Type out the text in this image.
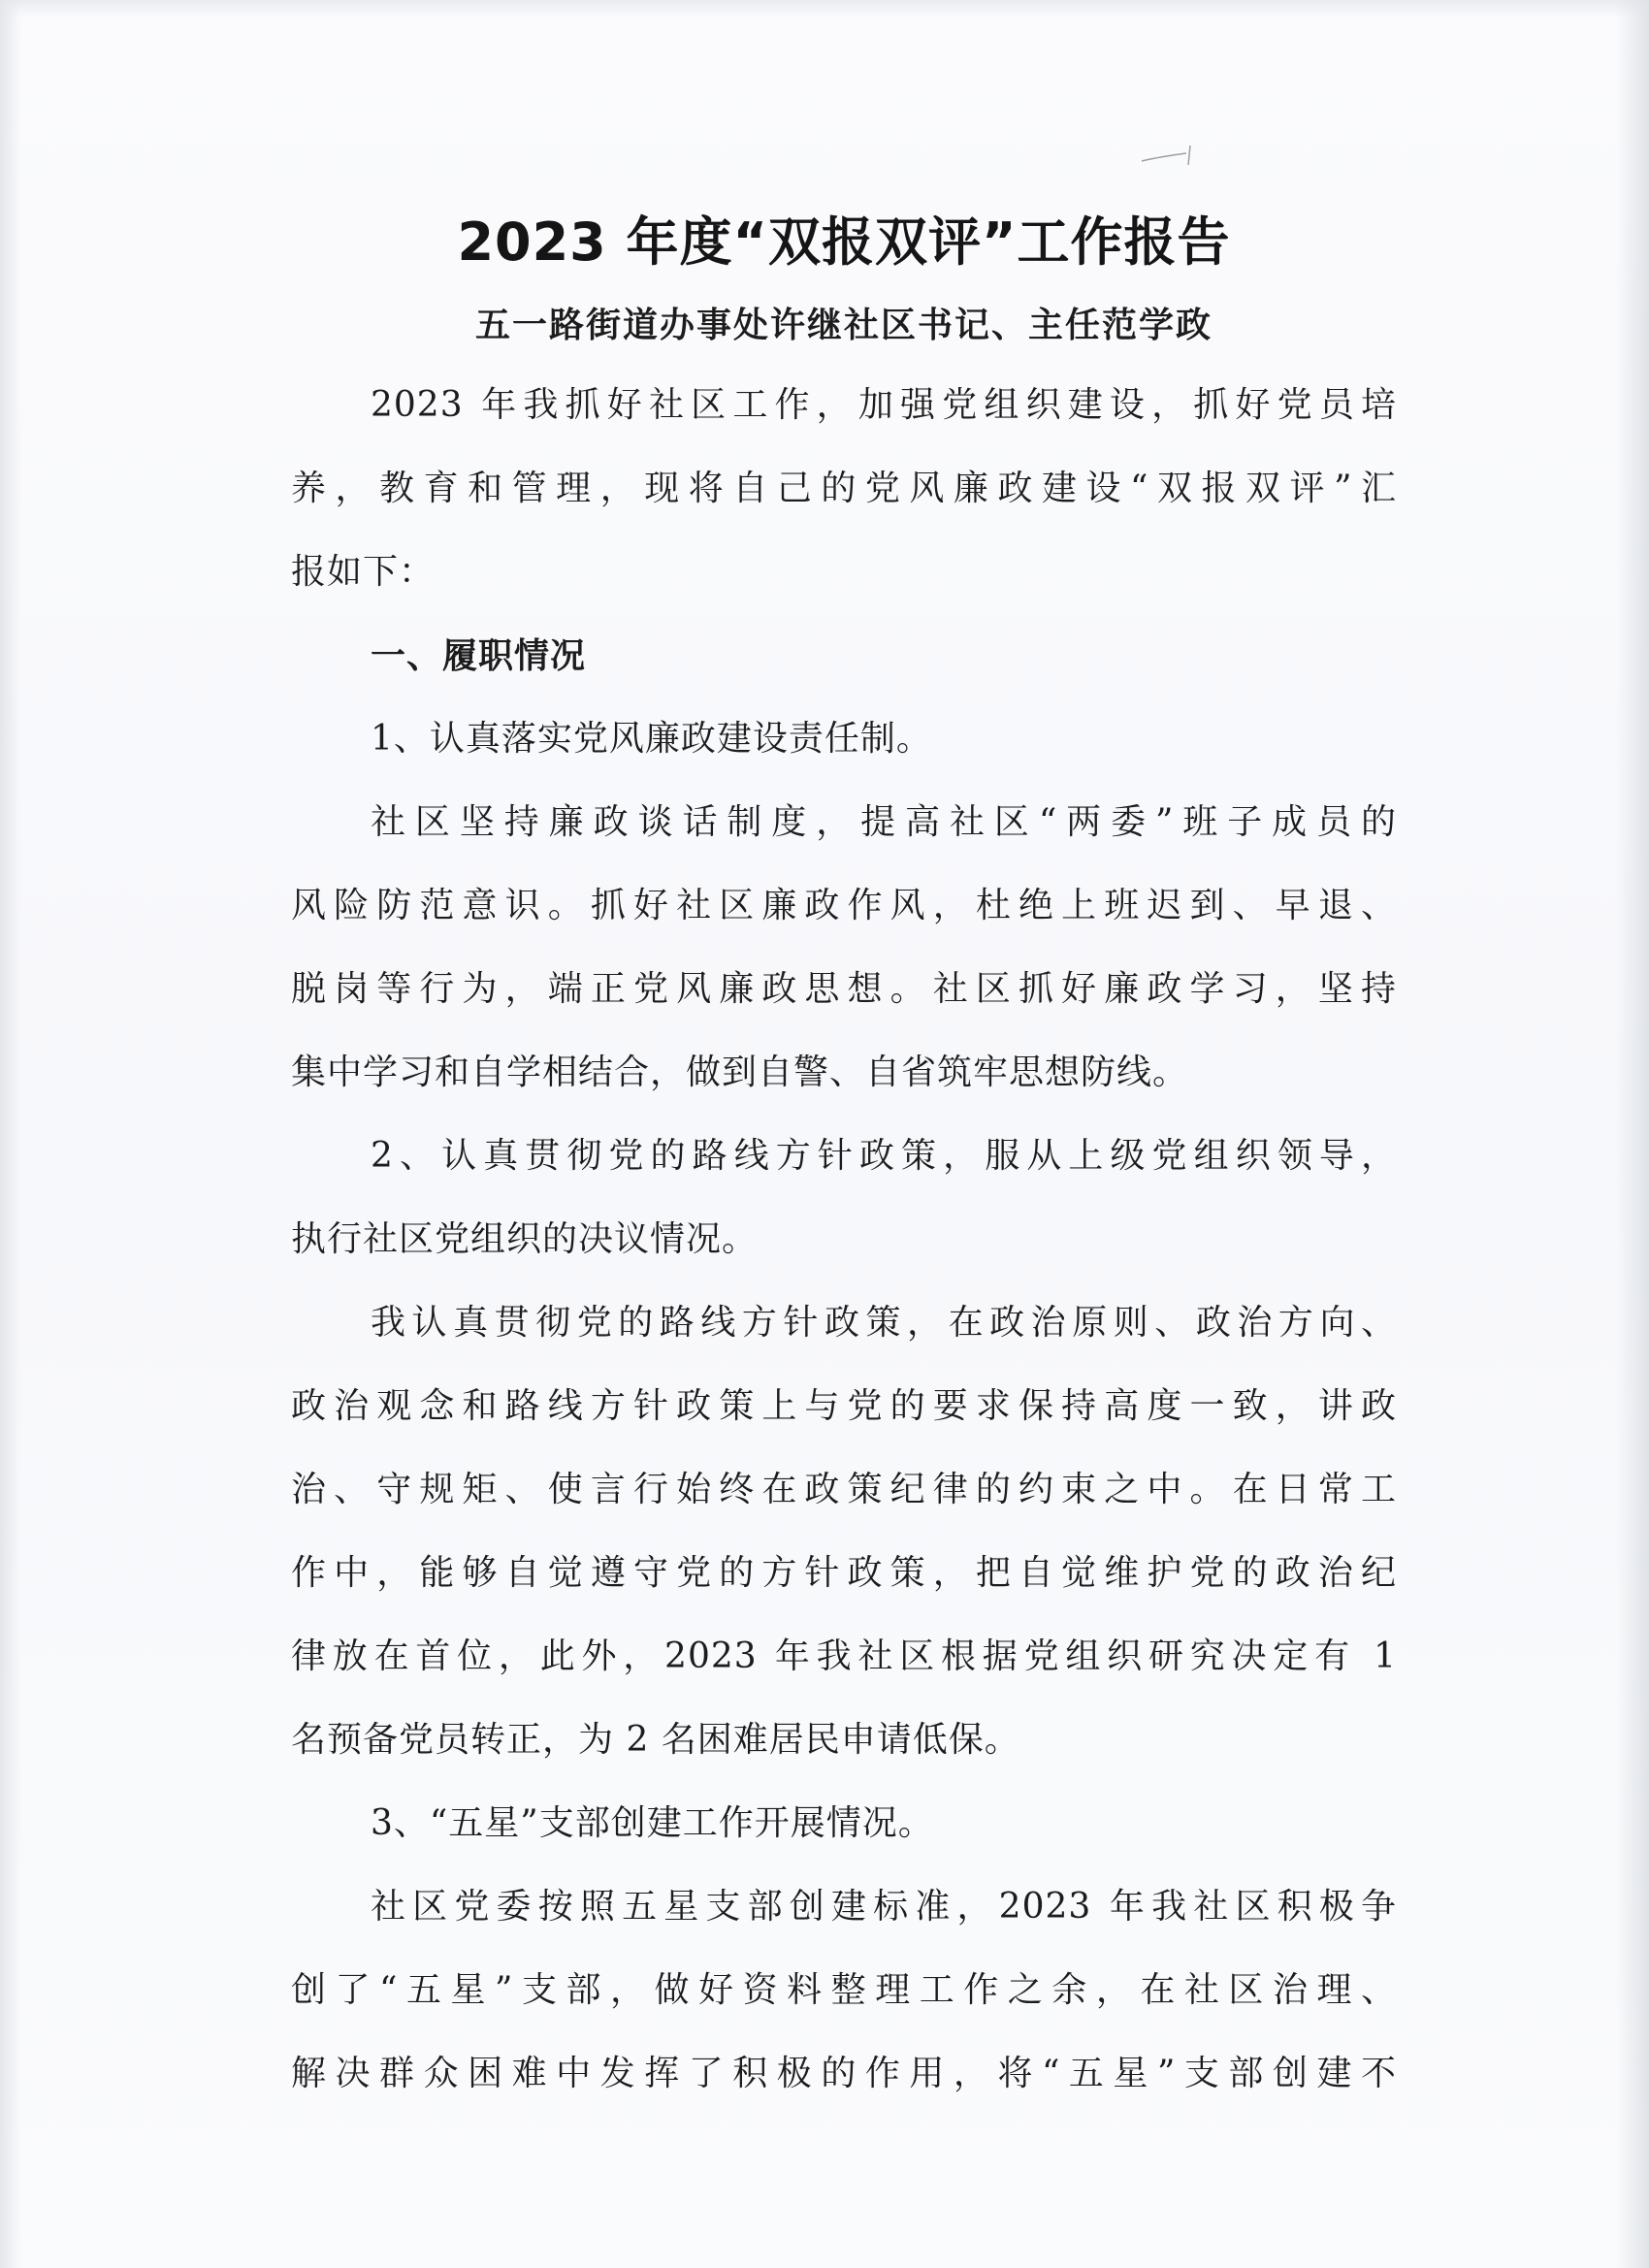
2023 年度“双报双评”工作报告

五一路街道办事处许继社区书记、主任范学政

2023 年我抓好社区工作，加强党组织建设，抓好党员培

养，教育和管理，现将自己的党风廉政建设“双报双评”汇

报如下：

一、履职情况

1、认真落实党风廉政建设责任制。

社区坚持廉政谈话制度，提高社区“两委”班子成员的

风险防范意识。抓好社区廉政作风，杜绝上班迟到、早退、

脱岗等行为，端正党风廉政思想。社区抓好廉政学习，坚持

集中学习和自学相结合，做到自警、自省筑牢思想防线。

2、认真贯彻党的路线方针政策，服从上级党组织领导，

执行社区党组织的决议情况。

我认真贯彻党的路线方针政策，在政治原则、政治方向、

政治观念和路线方针政策上与党的要求保持高度一致，讲政

治、守规矩、使言行始终在政策纪律的约束之中。在日常工

作中，能够自觉遵守党的方针政策，把自觉维护党的政治纪

律放在首位，此外，2023 年我社区根据党组织研究决定有 1

名预备党员转正，为 2 名困难居民申请低保。

3、“五星”支部创建工作开展情况。

社区党委按照五星支部创建标准，2023 年我社区积极争

创了“五星”支部，做好资料整理工作之余，在社区治理、

解决群众困难中发挥了积极的作用，将“五星”支部创建不
